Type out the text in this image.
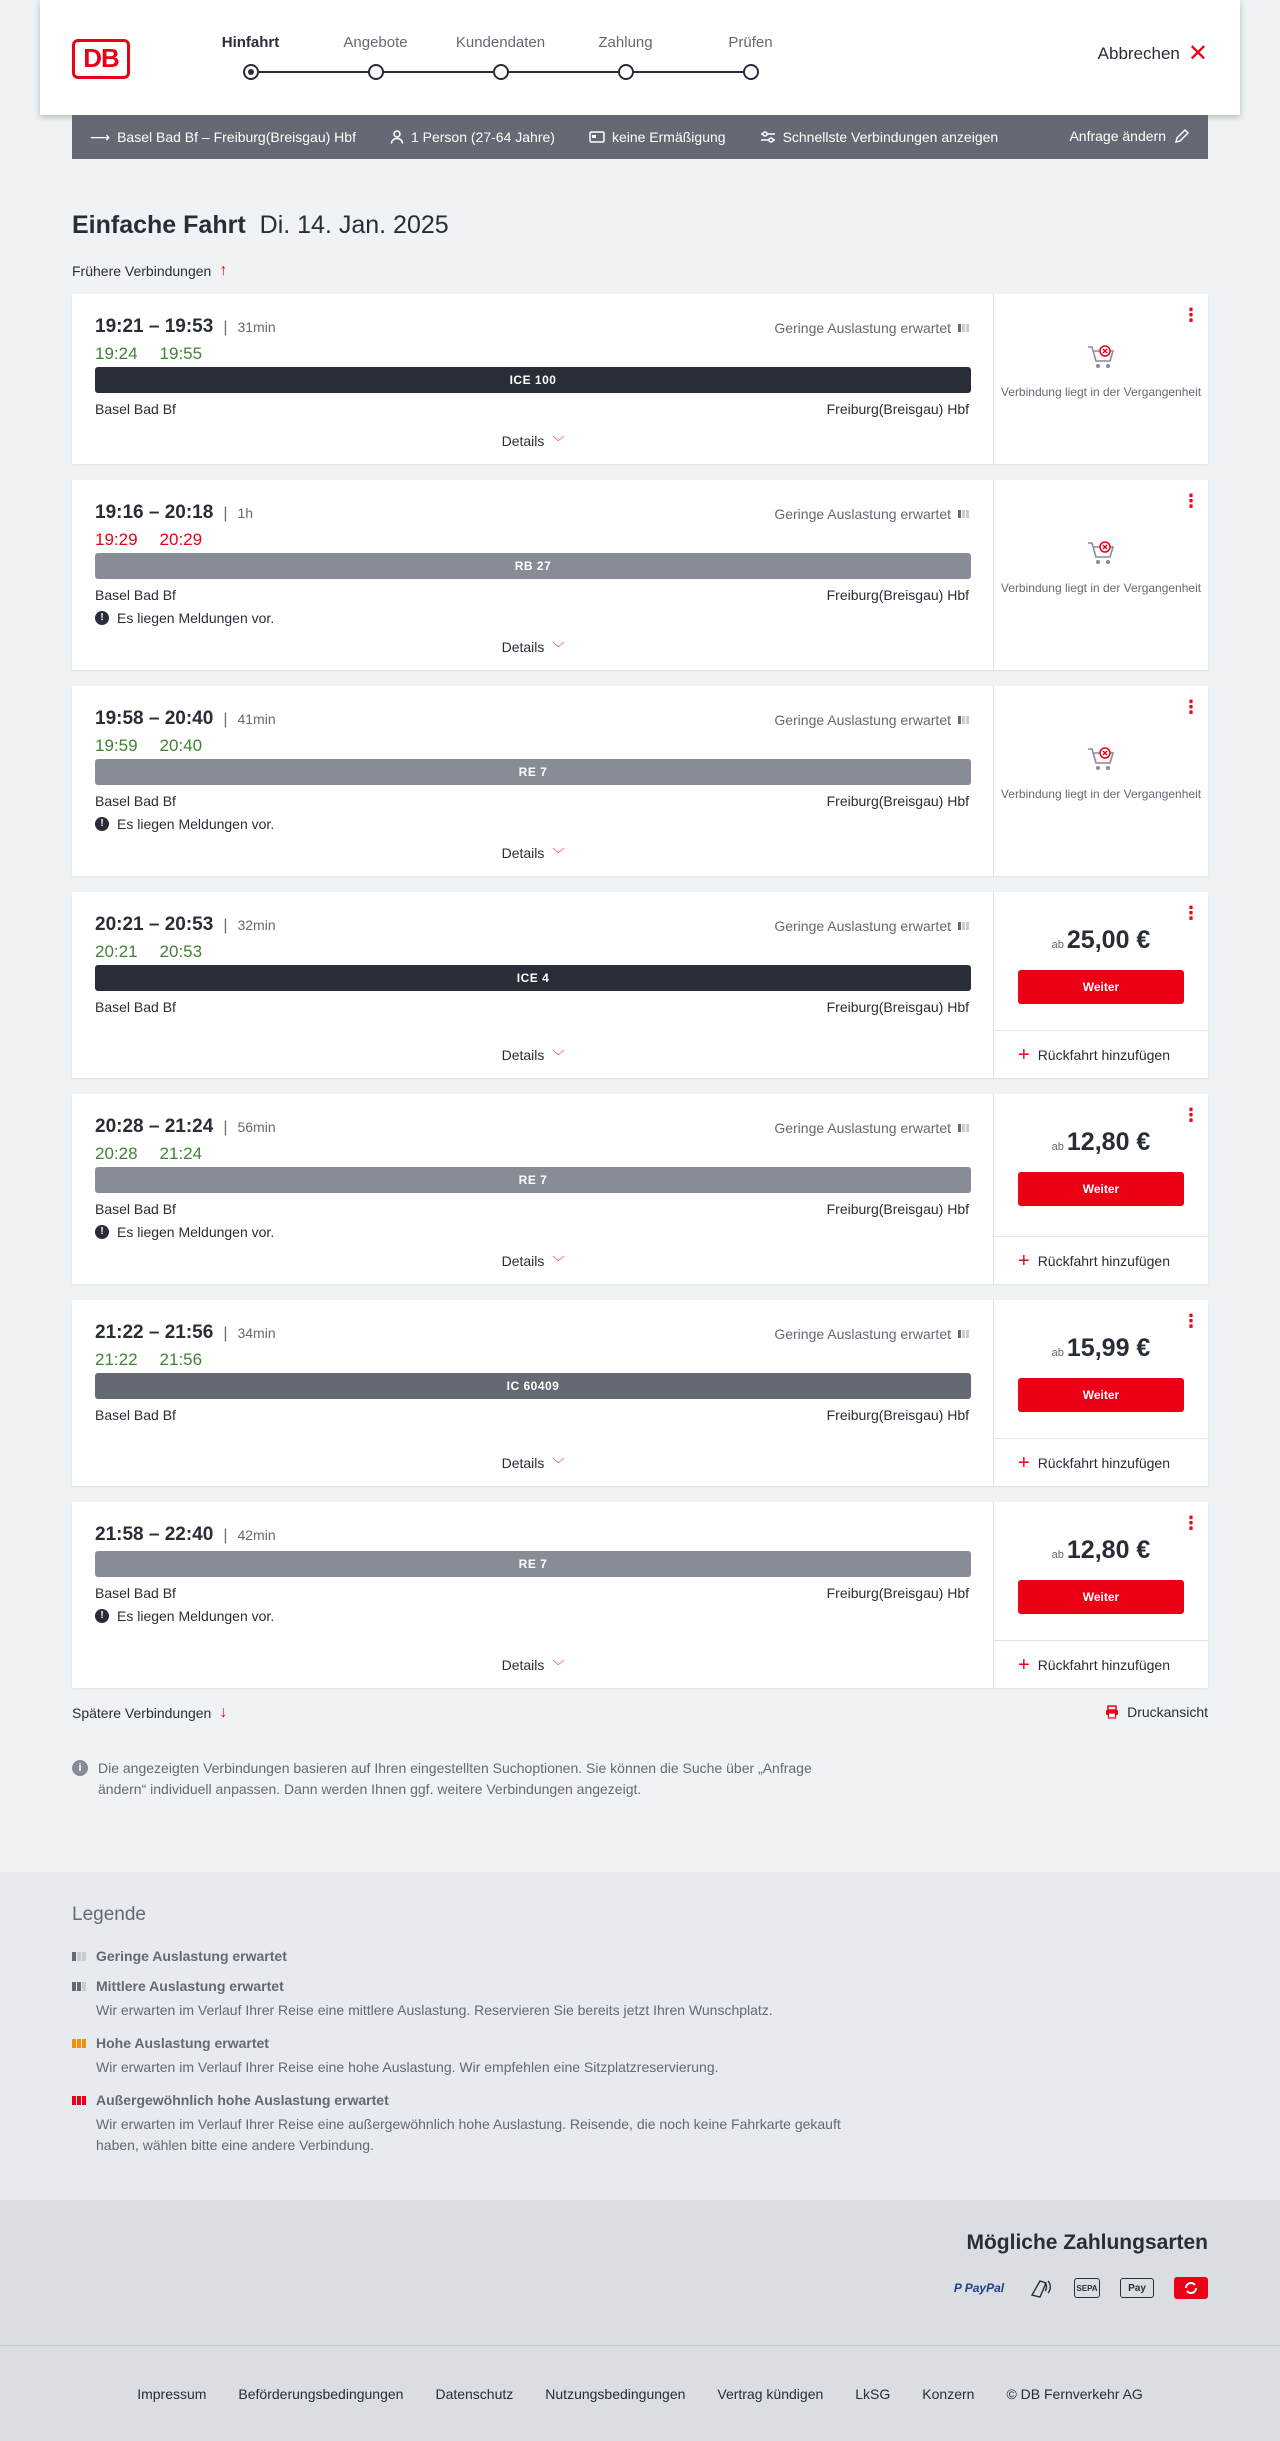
DB
Hinfahrt	Angebote	Kundendaten	Zahlung	Prüfen
Abbrechen ✕
⟶ Basel Bad Bf – Freiburg(Breisgau) Hbf	1 Person (27-64 Jahre)	keine Ermäßigung	Schnellste Verbindungen anzeigen	Anfrage ändern
Einfache Fahrt Di. 14. Jan. 2025
Frühere Verbindungen ↑
19:21 – 19:53 | 31min
19:24 19:55
Geringe Auslastung erwartet
ICE 100
Basel Bad Bf	Freiburg(Breisgau) Hbf
Details ﹀
⋮
Verbindung liegt in der Vergangenheit
19:16 – 20:18 | 1h
19:29 20:29
Geringe Auslastung erwartet
RB 27
Basel Bad Bf	Freiburg(Breisgau) Hbf
! Es liegen Meldungen vor.
Details ﹀
⋮
Verbindung liegt in der Vergangenheit
19:58 – 20:40 | 41min
19:59 20:40
Geringe Auslastung erwartet
RE 7
Basel Bad Bf	Freiburg(Breisgau) Hbf
! Es liegen Meldungen vor.
Details ﹀
⋮
Verbindung liegt in der Vergangenheit
20:21 – 20:53 | 32min
20:21 20:53
Geringe Auslastung erwartet
ICE 4
Basel Bad Bf	Freiburg(Breisgau) Hbf
Details ﹀
⋮
ab 25,00 €
Weiter
+ Rückfahrt hinzufügen
20:28 – 21:24 | 56min
20:28 21:24
Geringe Auslastung erwartet
RE 7
Basel Bad Bf	Freiburg(Breisgau) Hbf
! Es liegen Meldungen vor.
Details ﹀
⋮
ab 12,80 €
Weiter
+ Rückfahrt hinzufügen
21:22 – 21:56 | 34min
21:22 21:56
Geringe Auslastung erwartet
IC 60409
Basel Bad Bf	Freiburg(Breisgau) Hbf
Details ﹀
⋮
ab 15,99 €
Weiter
+ Rückfahrt hinzufügen
21:58 – 22:40 | 42min
RE 7
Basel Bad Bf	Freiburg(Breisgau) Hbf
! Es liegen Meldungen vor.
Details ﹀
⋮
ab 12,80 €
Weiter
+ Rückfahrt hinzufügen
Spätere Verbindungen ↓	Druckansicht
i	Die angezeigten Verbindungen basieren auf Ihren eingestellten Suchoptionen. Sie können die Suche über „Anfrage ändern“ individuell anpassen. Dann werden Ihnen ggf. weitere Verbindungen angezeigt.
Legende
Geringe Auslastung erwartet
Mittlere Auslastung erwartet
Wir erwarten im Verlauf Ihrer Reise eine mittlere Auslastung. Reservieren Sie bereits jetzt Ihren Wunschplatz.
Hohe Auslastung erwartet
Wir erwarten im Verlauf Ihrer Reise eine hohe Auslastung. Wir empfehlen eine Sitzplatzreservierung.
Außergewöhnlich hohe Auslastung erwartet
Wir erwarten im Verlauf Ihrer Reise eine außergewöhnlich hohe Auslastung. Reisende, die noch keine Fahrkarte gekauft haben, wählen bitte eine andere Verbindung.
Mögliche Zahlungsarten
P PayPal	SEPA	Pay
Impressum Beförderungsbedingungen Datenschutz Nutzungsbedingungen Vertrag kündigen LkSG Konzern © DB Fernverkehr AG
